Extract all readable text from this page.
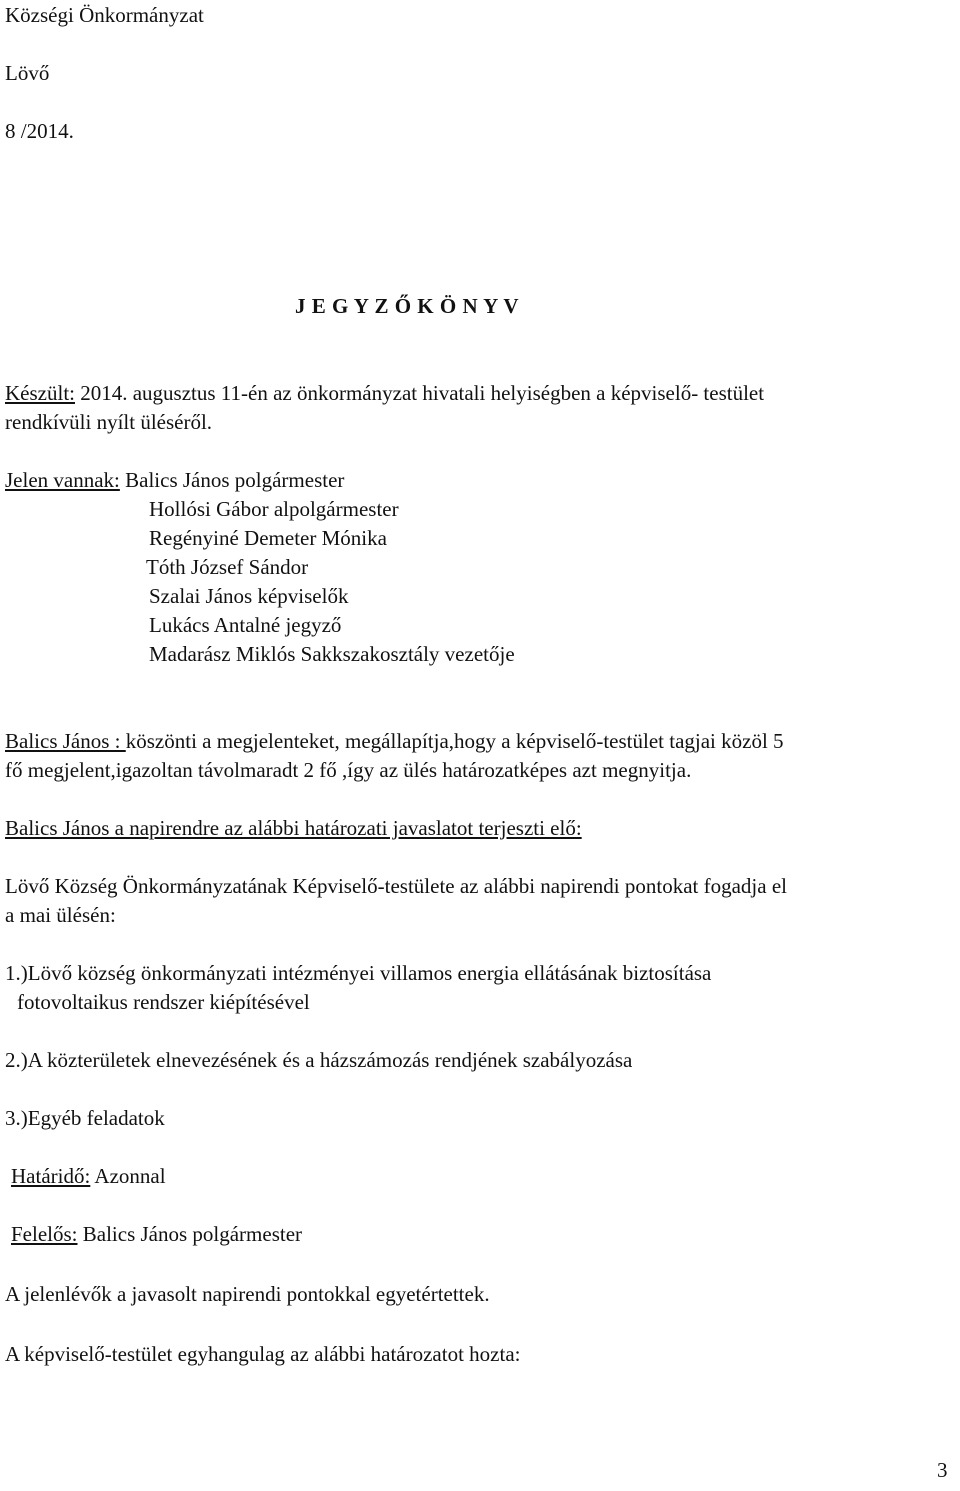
Községi Önkormányzat

Lövő

8 /2014.

J E G Y Z Ő K Ö N Y V

Készült: 2014. augusztus 11-én az önkormányzat hivatali helyiségben a képviselő- testület

rendkívüli nyílt üléséről.

Jelen vannak: Balics János polgármester

Hollósi Gábor alpolgármester

Regényiné Demeter Mónika

Tóth József Sándor

Szalai János képviselők

Lukács Antalné jegyző

Madarász Miklós Sakkszakosztály vezetője

Balics János : köszönti a megjelenteket, megállapítja,hogy a képviselő-testület tagjai közöl 5

fő megjelent,igazoltan távolmaradt 2 fő ,így az ülés határozatképes azt megnyitja.

Balics János a napirendre az alábbi határozati javaslatot terjeszti elő:

Lövő Község Önkormányzatának Képviselő-testülete az alábbi napirendi pontokat fogadja el

a mai ülésén:

1.)Lövő község önkormányzati intézményei villamos energia ellátásának biztosítása

fotovoltaikus rendszer kiépítésével

2.)A közterületek elnevezésének és a házszámozás rendjének szabályozása

3.)Egyéb feladatok

Határidő: Azonnal

Felelős: Balics János polgármester

A jelenlévők a javasolt napirendi pontokkal egyetértettek.

A képviselő-testület egyhangulag az alábbi határozatot hozta:

3
